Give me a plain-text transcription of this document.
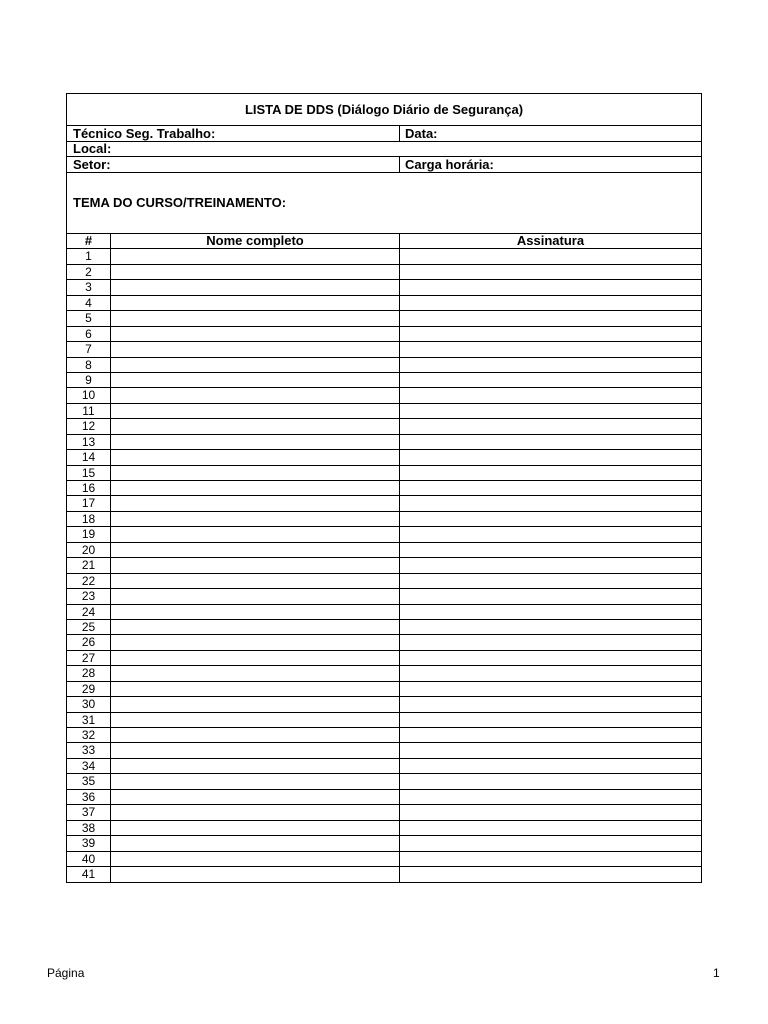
LISTA DE DDS (Diálogo Diário de Segurança)
Técnico Seg. Trabalho:	Data:
Local:
Setor:	Carga horária:
TEMA DO CURSO/TREINAMENTO:
#	Nome completo	Assinatura
1
2
3
4
5
6
7
8
9
10
11
12
13
14
15
16
17
18
19
20
21
22
23
24
25
26
27
28
29
30
31
32
33
34
35
36
37
38
39
40
41
Página	1
